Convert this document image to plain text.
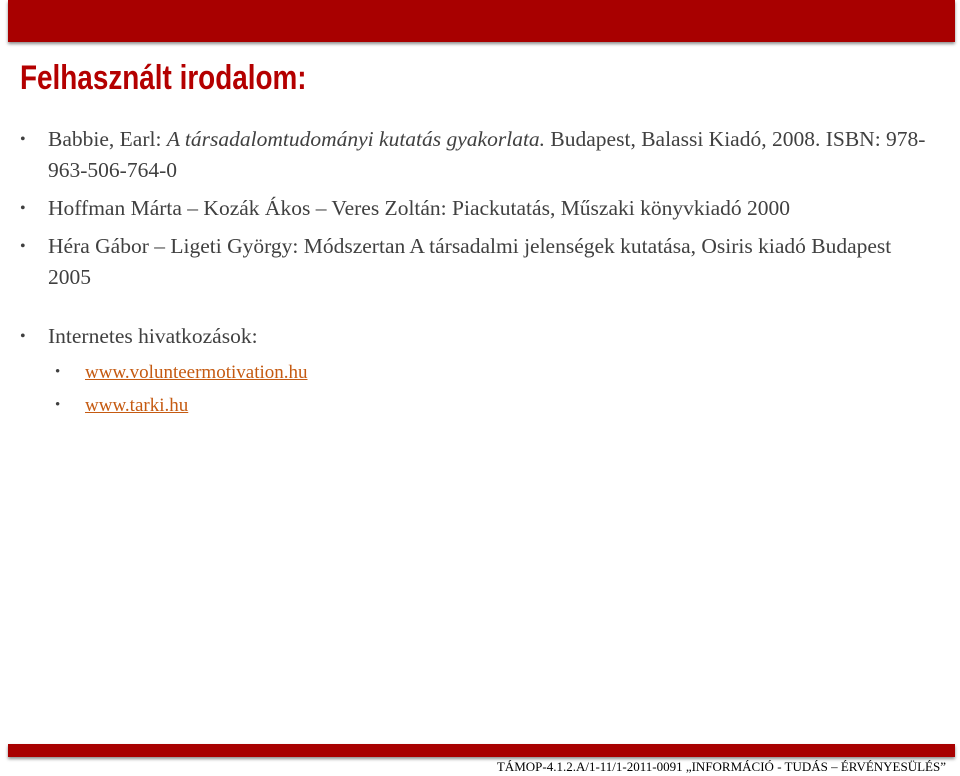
Felhasznált irodalom:
• Babbie, Earl: A társadalomtudományi kutatás gyakorlata. Budapest, Balassi Kiadó, 2008. ISBN: 978-963-506-764-0
• Hoffman Márta – Kozák Ákos – Veres Zoltán: Piackutatás, Műszaki könyvkiadó 2000
• Héra Gábor – Ligeti György: Módszertan A társadalmi jelenségek kutatása, Osiris kiadó Budapest 2005
• Internetes hivatkozások:
• www.volunteermotivation.hu
• www.tarki.hu

TÁMOP-4.1.2.A/1-11/1-2011-0091 „INFORMÁCIÓ - TUDÁS – ÉRVÉNYESÜLÉS”
